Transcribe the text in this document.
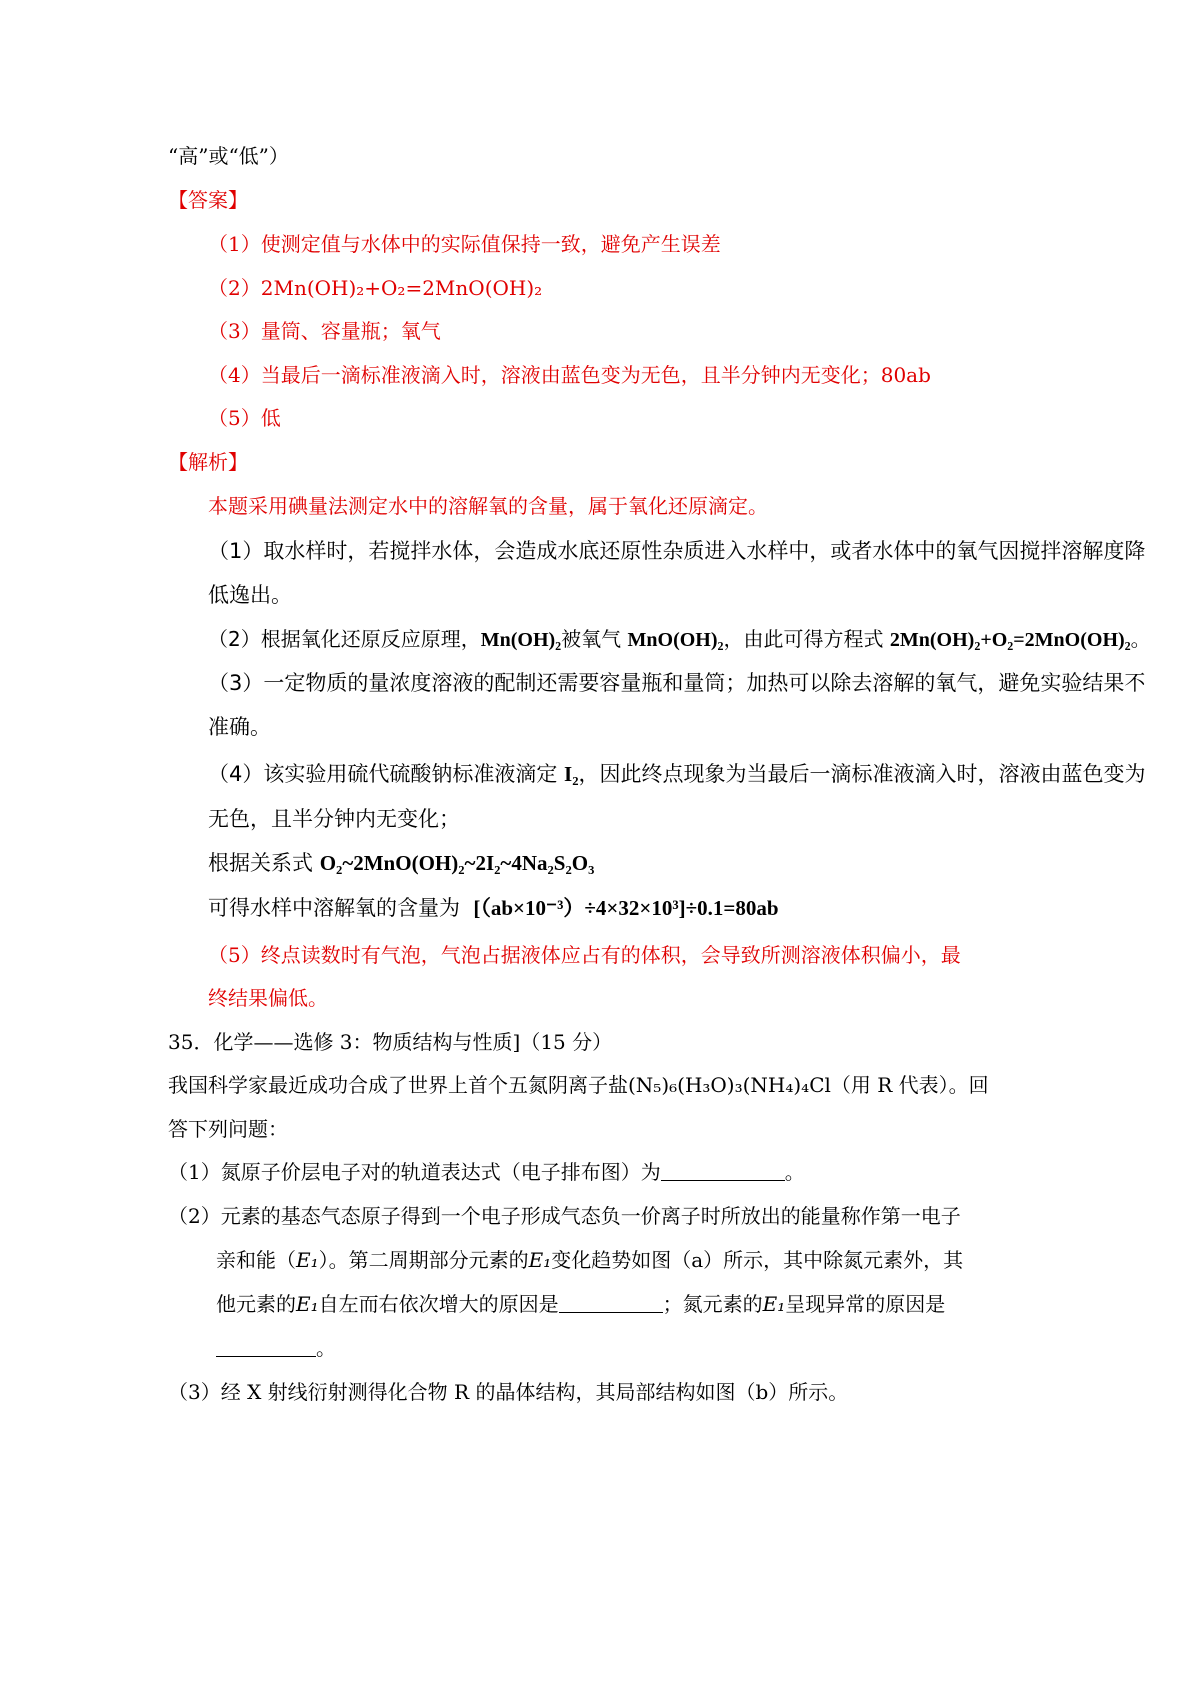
“高”或“低”）
【答案】
（1）使测定值与水体中的实际值保持一致，避免产生误差
（2）2Mn(OH)₂+O₂=2MnO(OH)₂
（3）量筒、容量瓶；氧气
（4）当最后一滴标准液滴入时，溶液由蓝色变为无色，且半分钟内无变化；80ab
（5）低
【解析】
本题采用碘量法测定水中的溶解氧的含量，属于氧化还原滴定。
（1）取水样时，若搅拌水体，会造成水底还原性杂质进入水样中，或者水体中的氧气因搅拌溶解度降
低逸出。
（2）根据氧化还原反应原理，Mn(OH)₂被氧气 MnO(OH)₂，由此可得方程式 2Mn(OH)₂+O₂=2MnO(OH)₂。
（3）一定物质的量浓度溶液的配制还需要容量瓶和量筒；加热可以除去溶解的氧气，避免实验结果不
准确。
（4）该实验用硫代硫酸钠标准液滴定 I₂，因此终点现象为当最后一滴标准液滴入时，溶液由蓝色变为
无色，且半分钟内无变化；
根据关系式 O₂~2MnO(OH)₂~2I₂~4Na₂S₂O₃
可得水样中溶解氧的含量为 [（ab×10⁻³）÷4×32×10³]÷0.1=80ab
（5）终点读数时有气泡，气泡占据液体应占有的体积，会导致所测溶液体积偏小，最
终结果偏低。
35．化学——选修 3：物质结构与性质]（15 分）
我国科学家最近成功合成了世界上首个五氮阴离子盐(N₅)₆(H₃O)₃(NH₄)₄Cl（用 R 代表）。回
答下列问题：
（1）氮原子价层电子对的轨道表达式（电子排布图）为	。
（2）元素的基态气态原子得到一个电子形成气态负一价离子时所放出的能量称作第一电子
亲和能（E₁）。第二周期部分元素的E₁变化趋势如图（a）所示，其中除氮元素外，其
他元素的E₁自左而右依次增大的原因是	；氮元素的E₁呈现异常的原因是
。
（3）经 X 射线衍射测得化合物 R 的晶体结构，其局部结构如图（b）所示。
